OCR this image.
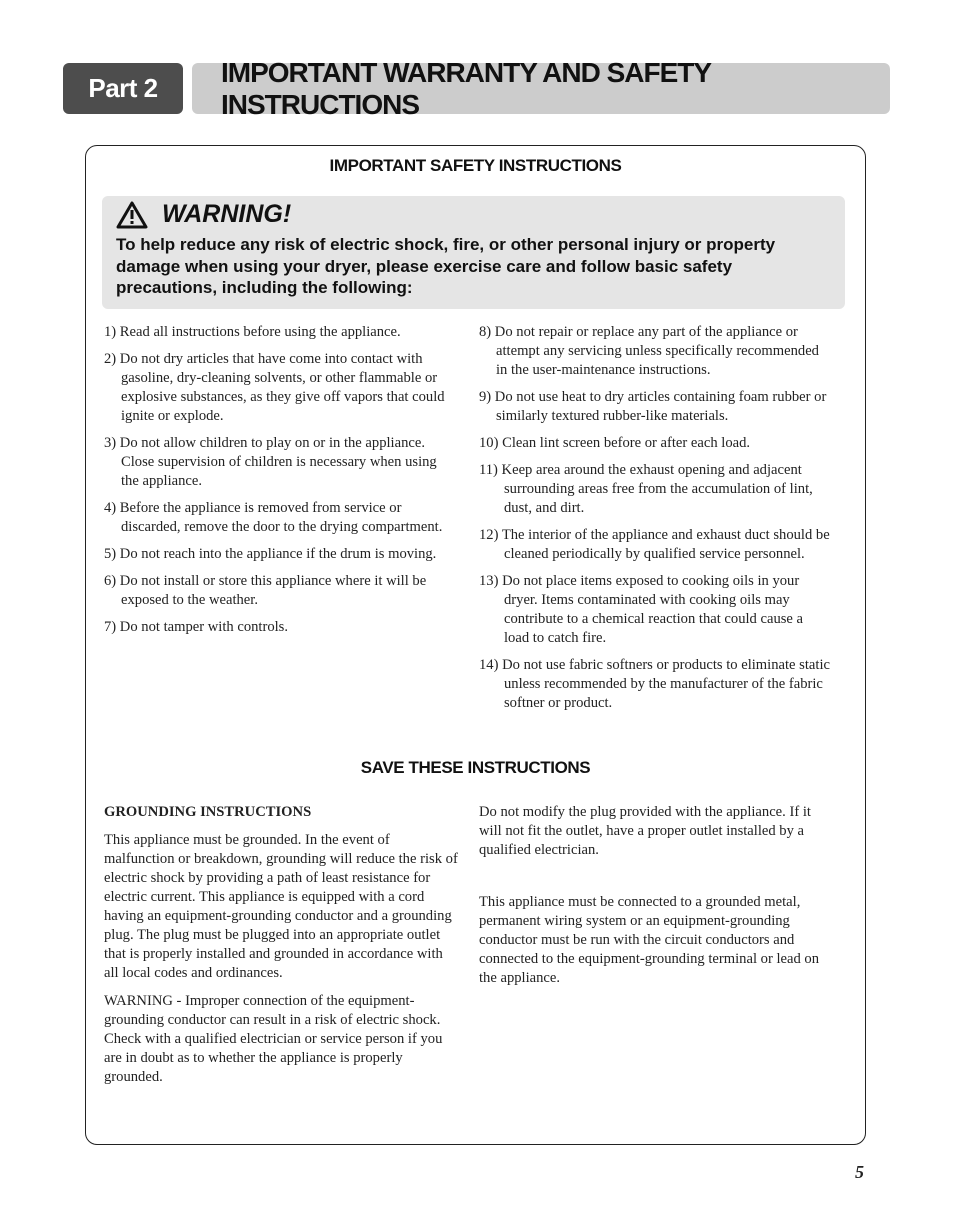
Part 2
IMPORTANT WARRANTY AND SAFETY INSTRUCTIONS
IMPORTANT SAFETY INSTRUCTIONS
WARNING!
To help reduce any risk of electric shock, fire, or other personal injury or property damage when using your dryer, please exercise care and follow basic safety precautions, including the following:
1) Read all instructions before using the appliance.
2) Do not dry articles that have come into contact with gasoline, dry-cleaning solvents, or other flammable or explosive substances, as they give off vapors that could ignite or explode.
3) Do not allow children to play on or in the appliance. Close supervision of children is necessary when using the appliance.
4) Before the appliance is removed from service or discarded, remove the door to the drying compartment.
5) Do not reach into the appliance if the drum is moving.
6) Do not install or store this appliance where it will be exposed to the weather.
7) Do not tamper with controls.
8) Do not repair or replace any part of the appliance or attempt any servicing unless specifically recommended in the user-maintenance instructions.
9) Do not use heat to dry articles containing foam rubber or similarly textured rubber-like materials.
10) Clean lint screen before or after each load.
11) Keep area around the exhaust opening and adjacent surrounding areas free from the accumulation of lint, dust, and dirt.
12) The interior of the appliance and exhaust duct should be cleaned periodically by qualified service personnel.
13) Do not place items exposed to cooking oils in your dryer. Items contaminated with cooking oils may contribute to a chemical reaction that could cause a load to catch fire.
14) Do not use fabric softners or products to eliminate static unless recommended by the manufacturer of the fabric softner or product.
SAVE THESE INSTRUCTIONS
GROUNDING INSTRUCTIONS

This appliance must be grounded. In the event of malfunction or breakdown, grounding will reduce the risk of electric shock by providing a path of least resistance for electric current. This appliance is equipped with a cord having an equipment-grounding conductor and a grounding plug. The plug must be plugged into an appropriate outlet that is properly installed and grounded in accordance with all local codes and ordinances.

WARNING - Improper connection of the equipment-grounding conductor can result in a risk of electric shock. Check with a qualified electrician or service person if you are in doubt as to whether the appliance is properly grounded.

Do not modify the plug provided with the appliance. If it will not fit the outlet, have a proper outlet installed by a qualified electrician.

This appliance must be connected to a grounded metal, permanent wiring system or an equipment-grounding conductor must be run with the circuit conductors and connected to the equipment-grounding terminal or lead on the appliance.

5
